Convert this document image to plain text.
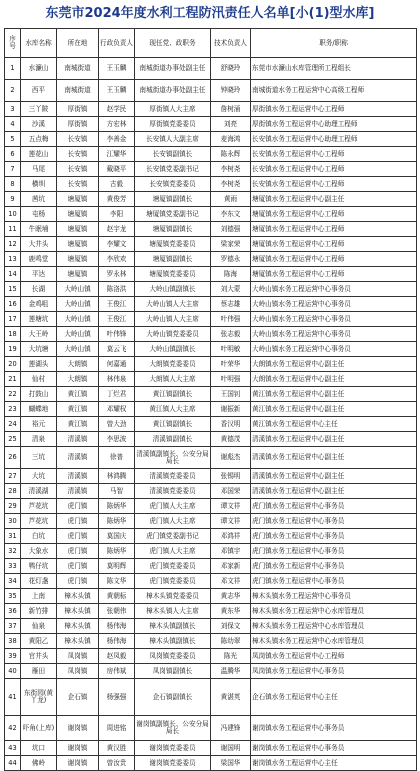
东莞市2024年度水利工程防汛责任人名单[小(1)型水库]
序号	水库名称	所在地	行政负责人	现任党、政职务	技术负责人	职务/职称
1	水濂山	南城街道	王玉麟	南城街道办事处副主任	舒晓玲	东莞市水濂山水库管理所工程组长
2	西平	南城街道	王玉麟	南城街道办事处副主任	钟晓玲	南城街道水务工程运营中心高级工程师
3	三丫陂	厚街镇	赵学民	厚街镇人大主席	詹树涌	厚街镇水务工程运营中心工程师
4	沙溪	厚街镇	方宏林	厚街镇党委委员	刘亮	厚街镇水务工程运营中心助理工程师
5	五点梅	长安镇	李善金	长安镇人大副主席	麦海鸿	长安镇水务工程运营中心助理工程师
6	莲花山	长安镇	江耀华	长安镇副镇长	陈永辉	长安镇水务工程运营中心工程师
7	马尾	长安镇	戴晓平	长安镇党委副书记	李树尧	长安镇水务工程运营中心工程师
8	横圳	长安镇	古毅	长安镇党委委员	李树尧	长安镇水务工程运营中心工程师
9	茜坑	塘厦镇	黄俊芳	塘厦镇副镇长	黄雨	塘厦镇水务工程运营中心副主任
10	屯杨	塘厦镇	李阳	塘厦镇党委副书记	李东文	塘厦镇水务工程运营中心工程师
11	牛眠埔	塘厦镇	赵宇龙	塘厦镇副镇长	刘德强	塘厦镇水务工程运营中心工程师
12	大井头	塘厦镇	李耀文	塘厦镇党委委员	梁家荣	塘厦镇水务工程运营中心工程师
13	鹿鸣堂	塘厦镇	李欣欢	塘厦镇副镇长	罗德永	塘厦镇水务工程运营中心工程师
14	平达	塘厦镇	罗永林	塘厦镇党委委员	陈海	塘厦镇水务工程运营中心工程师
15	长湖	大岭山镇	陈洛洪	大岭山镇副镇长	刘大蒙	大岭山镇水务工程运营中心事务员
16	金鸡咀	大岭山镇	王俊江	大岭山镇人大主席	蔡志雄	大岭山镇水务工程运营中心事务员
17	莲塘坑	大岭山镇	王俊江	大岭山镇人大主席	叶伟强	大岭山镇水务工程运营中心事务员
18	大王岭	大岭山镇	叶伟锋	大岭山镇党委委员	张志毅	大岭山镇水务工程运营中心事务员
19	大坑塘	大岭山镇	莫云飞	大岭山镇副镇长	叶明敏	大岭山镇水务工程运营中心事务员
20	莲湖头	大朗镇	何嘉通	大朗镇党委委员	叶荣华	大朗镇水务工程运营中心副主任
21	仙村	大朗镇	林伟泉	大朗镇人大主席	叶明强	大朗镇水务工程运营中心副主任
22	打鼓山	黄江镇	丁烂君	黄江镇副镇长	王国钊	黄江镇水务工程运营中心副主任
23	蝴蝶地	黄江镇	邓耀权	黄江镇人大主席	谢振新	黄江镇水务工程运营中心副主任
24	裕元	黄江镇	曾大劲	黄江镇副镇长	香汉明	黄江镇水务工程运营中心主任
25	清泉	清溪镇	李思波	清溪镇副镇长	黄德茂	清溪镇水务工程运营中心副主任
26	三坑	清溪镇	徐普	清溪镇副镇长、公安分局局长	谢彪杰	清溪镇水务工程运营中心副主任
27	大坑	清溪镇	林鸿腾	清溪镇党委委员	张锡明	清溪镇水务工程运营中心副主任
28	清溪湖	清溪镇	马智	清溪镇党委委员	邓国荣	清溪镇水务工程运营中心副主任
29	芦花坑	虎门镇	陈炳华	虎门镇人大主席	谭文祥	虎门镇水务工程运营中心事务员
30	芦花坑	虎门镇	陈炳华	虎门镇人大主席	谭文祥	虎门镇水务工程运营中心事务员
31	白坑	虎门镇	莫国庆	虎门镇党委副书记	邓鸿祥	虎门镇水务工程运营中心事务员
32	大象水	虎门镇	陈炳华	虎门镇人大主席	邓镇宇	虎门镇水务工程运营中心事务员
33	鸭仔坑	虎门镇	莫明辉	虎门镇党委委员	邓家新	虎门镇水务工程运营中心事务员
34	花灯盏	虎门镇	陈文华	虎门镇党委委员	邓文祥	虎门镇水务工程运营中心事务员
35	上南	樟木头镇	黄朝标	樟木头镇党委委员	黄志华	樟木头镇水务工程运营中心事务员
36	新竹排	樟木头镇	张朝伟	樟木头镇人大主席	黄东华	樟木头镇水务工程运营中心水库管理员
37	仙泉	樟木头镇	杨伟海	樟木头镇副镇长	刘保文	樟木头镇水务工程运营中心水库管理员
38	黄阳乙	樟木头镇	杨伟海	樟木头镇副镇长	陈幼翠	樟木头镇水务工程运营中心水库管理员
39	官井头	凤岗镇	赵凤毅	凤岗镇党委委员	陈光	凤岗镇水务工程运营中心工程师
40	雁田	凤岗镇	房伟斌	凤岗镇副镇长	温腾华	凤岗镇水务工程运营中心事务员
41	东街园(黄丫龙)	企石镇	杨强强	企石镇副镇长	黄湛英	企石镇水务工程运营中心主任
42	吓角(上库)	谢岗镇	周进铭	谢岗镇副镇长、公安分局局长	冯建锋	谢岗镇水务工程运营中心事务员
43	坑口	谢岗镇	黄汉胜	谢岗镇党委委员	谢国明	谢岗镇水务工程运营中心事务员
44	佛岭	谢岗镇	曾汝贵	谢岗镇党委委员	梁国华	谢岗镇水务工程运营中心主任
